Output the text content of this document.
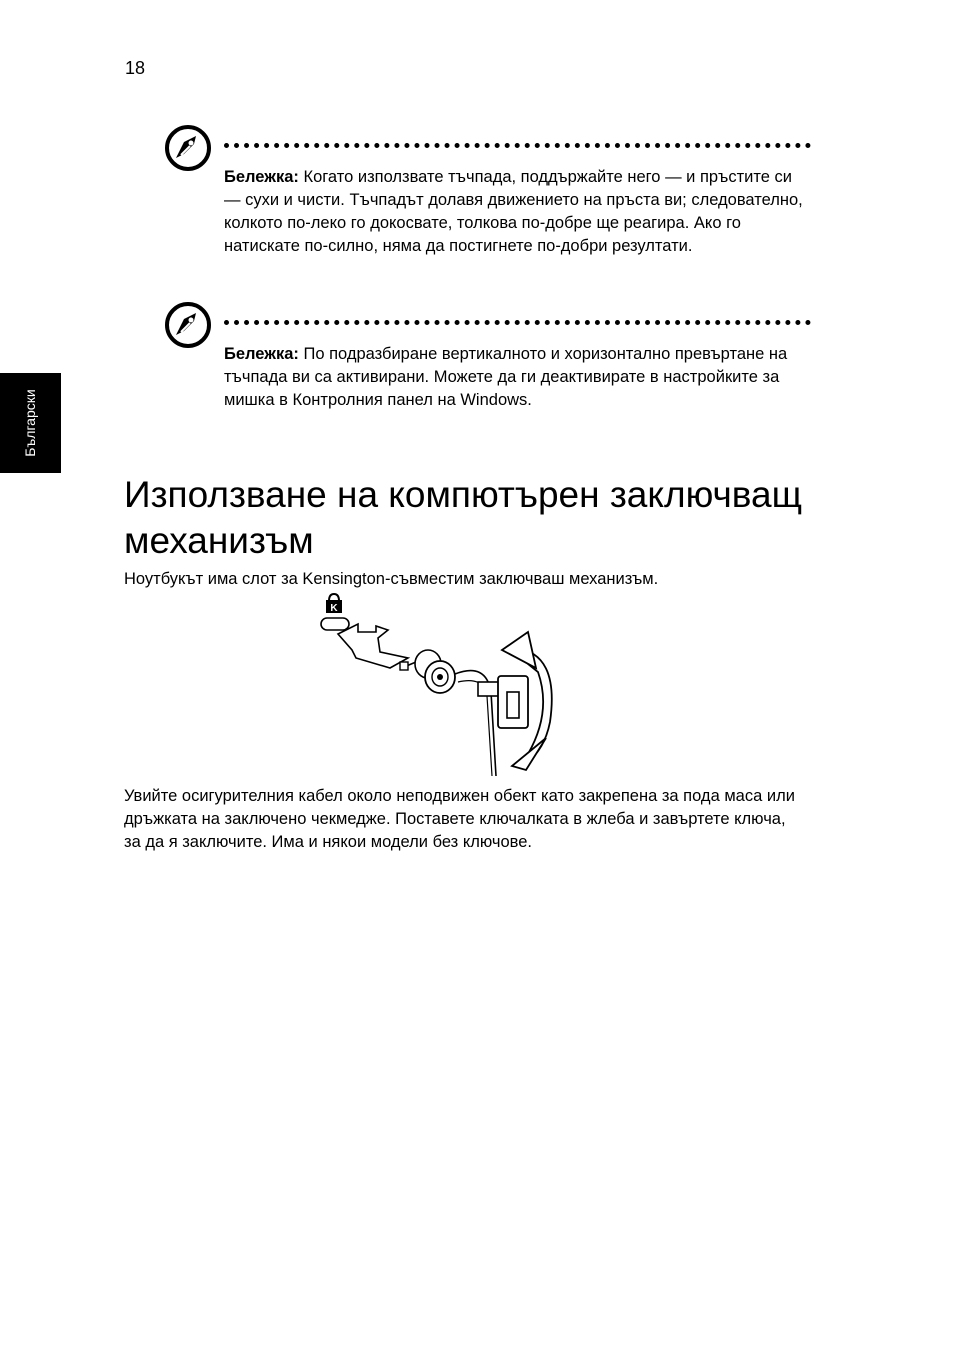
18
Български
Бележка: Когато използвате тъчпада, поддържайте него — и пръстите си — сухи и чисти. Тъчпадът долавя движението на пръста ви; следователно, колкото по-леко го докосвате, толкова по-добре ще реагира. Ако го натискате по-силно, няма да постигнете по-добри резултати.
Бележка: По подразбиране вертикалното и хоризонтално превъртане на тъчпада ви са активирани. Можете да ги деактивирате в настройките за мишка в Контролния панел на Windows.
Използване на компютърен заключващ механизъм
Ноутбукът има слот за Kensington-съвместим заключваш механизъм.
K
Увийте осигурителния кабел около неподвижен обект като закрепена за пода маса или дръжката на заключено чекмедже. Поставете ключалката в жлеба и завъртете ключа, за да я заключите. Има и някои модели без ключове.
